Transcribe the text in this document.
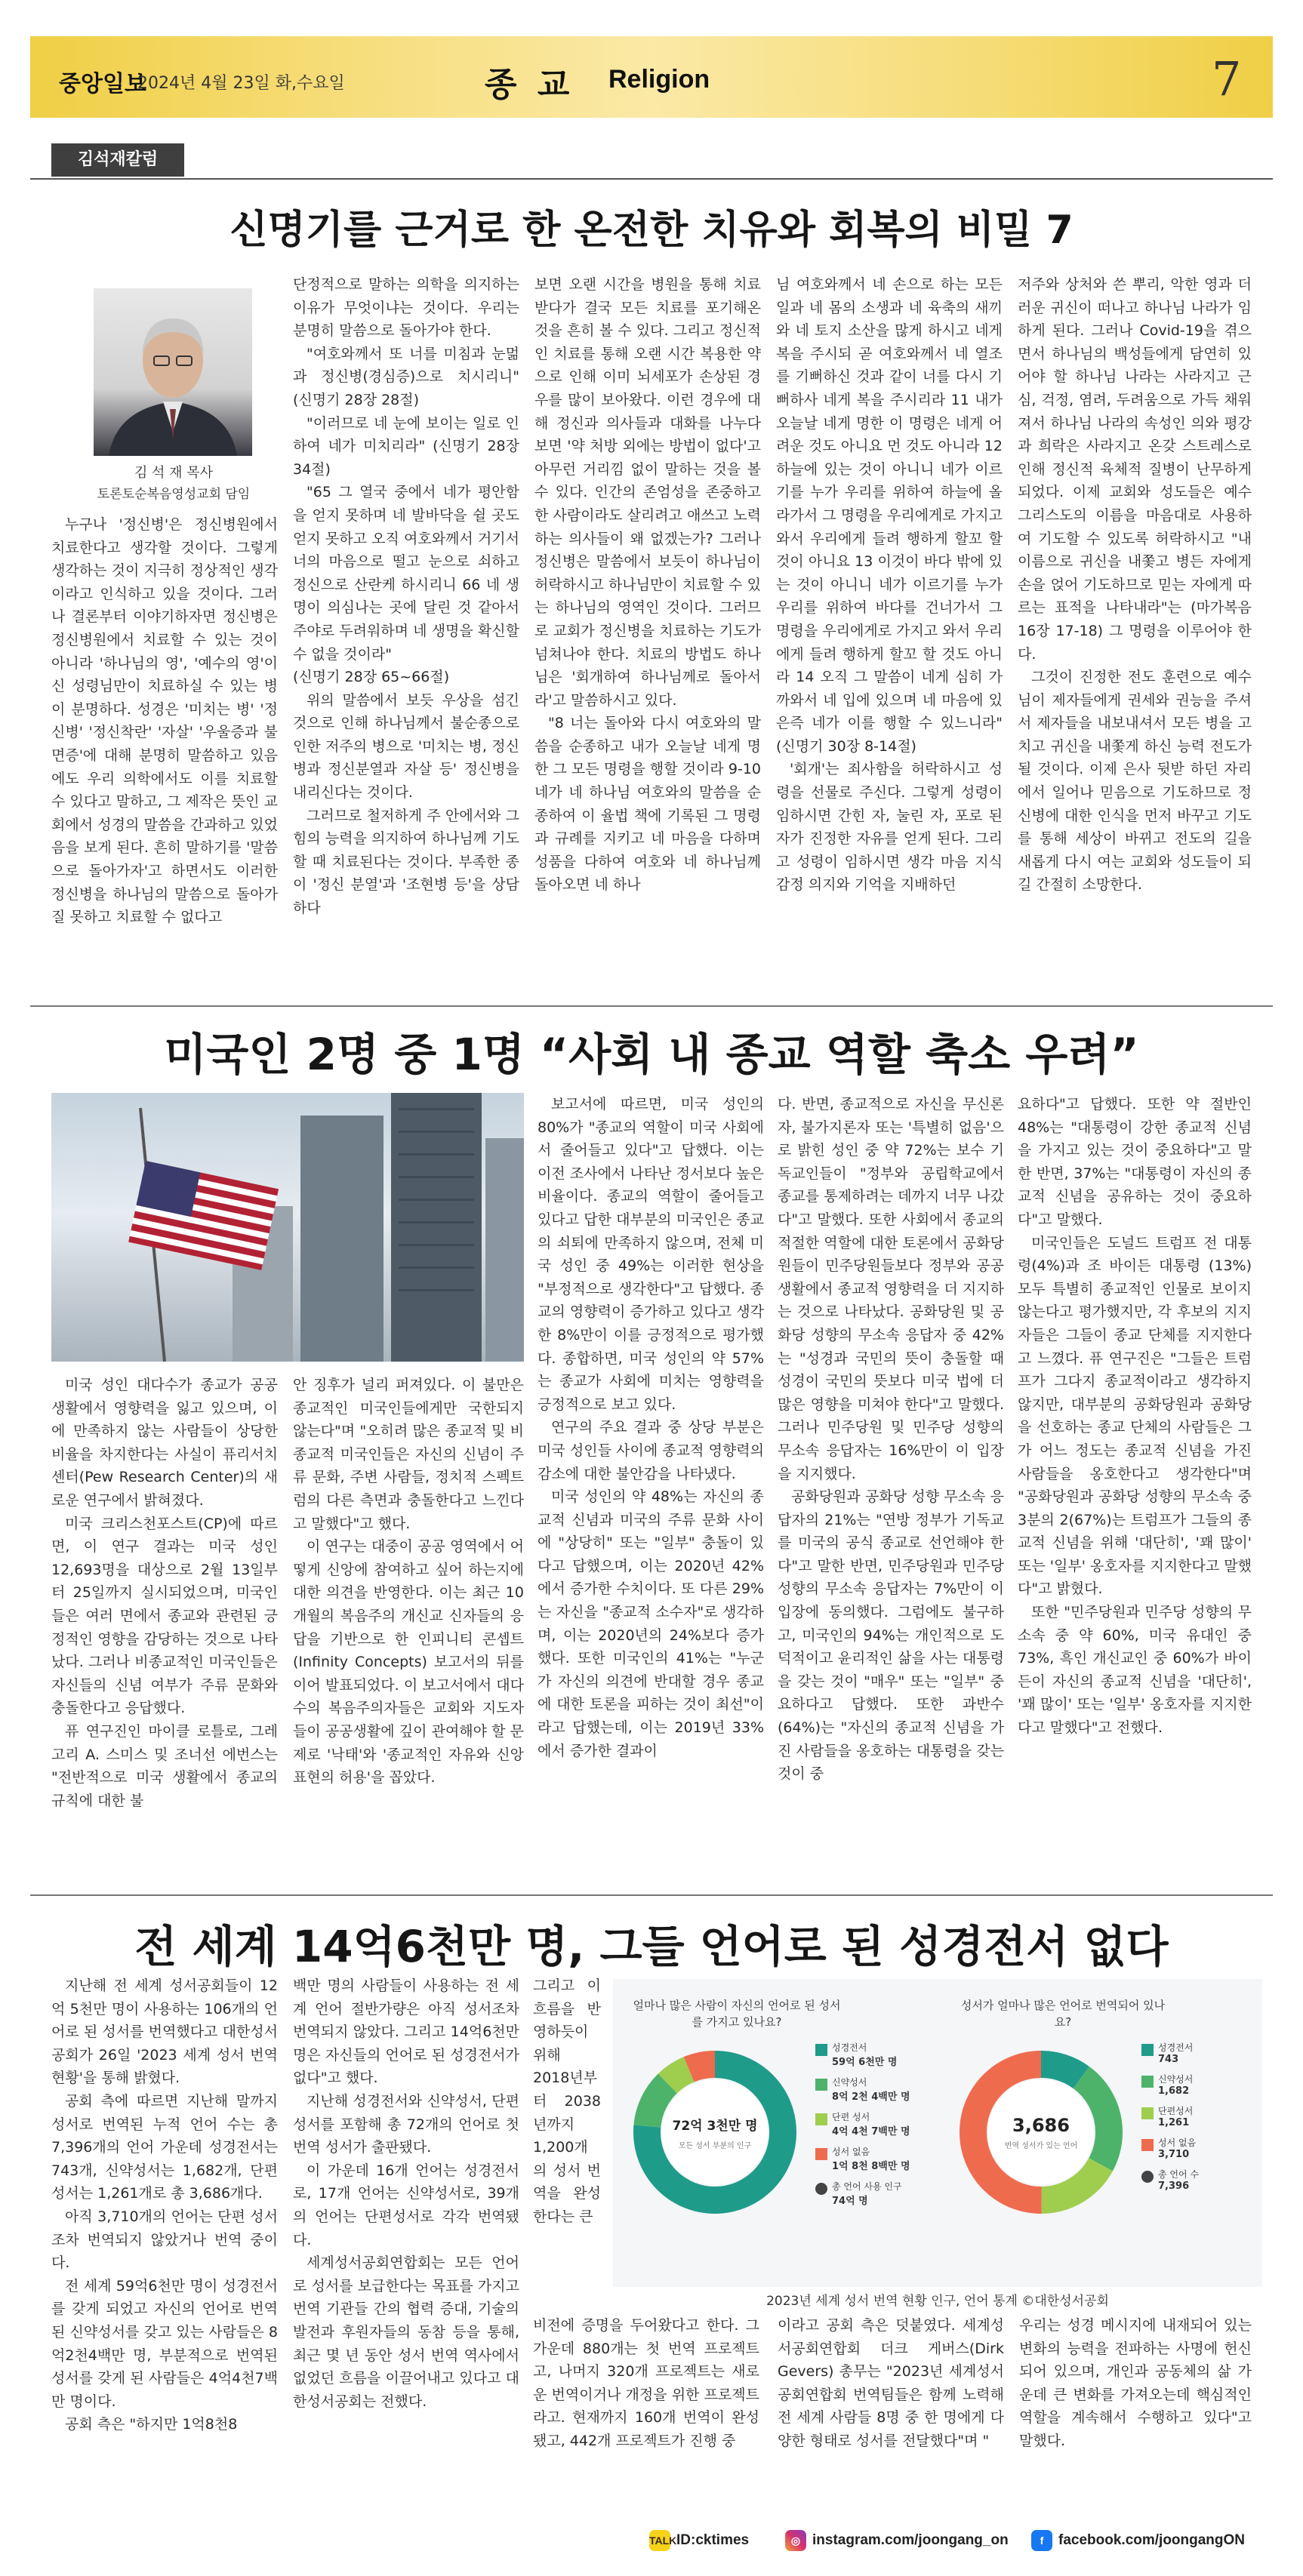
중앙일보
2024년 4월 23일 화,수요일	종 교 Religion	7
김석재칼럼
신명기를 근거로 한 온전한 치유와 회복의 비밀 7
김 석 재 목사
토론토순복음영성교회 담임

누구나 '정신병'은 정신병원에서 치료한다고 생각할 것이다. 그렇게 생각하는 것이 지극히 정상적인 생각이라고 인식하고 있을 것이다. 그러나 결론부터 이야기하자면 정신병은 정신병원에서 치료할 수 있는 것이 아니라 '하나님의 영', '예수의 영'이신 성령님만이 치료하실 수 있는 병이 분명하다. 성경은 '미치는 병' '정신병' '정신착란' '자살' '우울증과 불면증'에 대해 분명히 말씀하고 있음에도 우리 의학에서도 이를 치료할 수 있다고 말하고, 그 제작은 뜻인 교회에서 성경의 말씀을 간과하고 있었음을 보게 된다. 흔히 말하기를 '말씀으로 돌아가자'고 하면서도 이러한 정신병을 하나님의 말씀으로 돌아가 질 못하고 치료할 수 없다고

단정적으로 말하는 의학을 의지하는 이유가 무엇이냐는 것이다. 우리는 분명히 말씀으로 돌아가야 한다.

"여호와께서 또 너를 미침과 눈멂과 정신병(경심증)으로 치시리니" (신명기 28장 28절)

"이러므로 네 눈에 보이는 일로 인하여 네가 미치리라" (신명기 28장 34절)

"65 그 열국 중에서 네가 평안함을 얻지 못하며 네 발바닥을 쉴 곳도 얻지 못하고 오직 여호와께서 거기서 너의 마음으로 떨고 눈으로 쇠하고 정신으로 산란케 하시리니 66 네 생명이 의심나는 곳에 달린 것 같아서 주야로 두려워하며 네 생명을 확신할 수 없을 것이라"

(신명기 28장 65~66절)

위의 말씀에서 보듯 우상을 섬긴 것으로 인해 하나님께서 불순종으로 인한 저주의 병으로 '미치는 병, 정신병과 정신분열과 자살 등' 정신병을 내리신다는 것이다.

그러므로 철저하게 주 안에서와 그 힘의 능력을 의지하여 하나님께 기도할 때 치료된다는 것이다. 부족한 종이 '정신 분열'과 '조현병 등'을 상담하다

보면 오랜 시간을 병원을 통해 치료받다가 결국 모든 치료를 포기해온 것을 흔히 볼 수 있다. 그리고 정신적인 치료를 통해 오랜 시간 복용한 약으로 인해 이미 뇌세포가 손상된 경우를 많이 보아왔다. 이런 경우에 대해 정신과 의사들과 대화를 나누다 보면 '약 처방 외에는 방법이 없다'고 아무런 거리낌 없이 말하는 것을 볼 수 있다. 인간의 존엄성을 존중하고 한 사람이라도 살리려고 애쓰고 노력하는 의사들이 왜 없겠는가? 그러나 정신병은 말씀에서 보듯이 하나님이 허락하시고 하나님만이 치료할 수 있는 하나님의 영역인 것이다. 그러므로 교회가 정신병을 치료하는 기도가 넘쳐나야 한다. 치료의 방법도 하나님은 '회개하여 하나님께로 돌아서라'고 말씀하시고 있다.

"8 너는 돌아와 다시 여호와의 말씀을 순종하고 내가 오늘날 네게 명한 그 모든 명령을 행할 것이라 9-10 네가 네 하나님 여호와의 말씀을 순종하여 이 율법 책에 기록된 그 명령과 규례를 지키고 네 마음을 다하며 성품을 다하여 여호와 네 하나님께 돌아오면 네 하나

님 여호와께서 네 손으로 하는 모든 일과 네 몸의 소생과 네 육축의 새끼와 네 토지 소산을 많게 하시고 네게 복을 주시되 곧 여호와께서 네 열조를 기뻐하신 것과 같이 너를 다시 기뻐하사 네게 복을 주시리라 11 내가 오늘날 네게 명한 이 명령은 네게 어려운 것도 아니요 먼 것도 아니라 12 하늘에 있는 것이 아니니 네가 이르기를 누가 우리를 위하여 하늘에 올라가서 그 명령을 우리에게로 가지고 와서 우리에게 들려 행하게 할꼬 할 것이 아니요 13 이것이 바다 밖에 있는 것이 아니니 네가 이르기를 누가 우리를 위하여 바다를 건너가서 그 명령을 우리에게로 가지고 와서 우리에게 들려 행하게 할꼬 할 것도 아니라 14 오직 그 말씀이 네게 심히 가까와서 네 입에 있으며 네 마음에 있은즉 네가 이를 행할 수 있느니라" (신명기 30장 8-14절)

'회개'는 죄사함을 허락하시고 성령을 선물로 주신다. 그렇게 성령이 임하시면 간힌 자, 눌린 자, 포로 된 자가 진정한 자유를 얻게 된다. 그리고 성령이 임하시면 생각 마음 지식 감정 의지와 기억을 지배하던

저주와 상처와 쓴 뿌리, 악한 영과 더러운 귀신이 떠나고 하나님 나라가 임하게 된다. 그러나 Covid-19을 겪으면서 하나님의 백성들에게 담연히 있어야 할 하나님 나라는 사라지고 근심, 걱정, 염려, 두려움으로 가득 채워져서 하나님 나라의 속성인 의와 평강과 희락은 사라지고 온갖 스트레스로 인해 정신적 육체적 질병이 난무하게 되었다. 이제 교회와 성도들은 예수 그리스도의 이름을 마음대로 사용하여 기도할 수 있도록 허락하시고 "내 이름으로 귀신을 내쫓고 병든 자에게 손을 얹어 기도하므로 믿는 자에게 따르는 표적을 나타내라"는 (마가복음 16장 17-18) 그 명령을 이루어야 한다.

그것이 진정한 전도 훈련으로 예수님이 제자들에게 권세와 권능을 주셔서 제자들을 내보내셔서 모든 병을 고치고 귀신을 내쫓게 하신 능력 전도가 될 것이다. 이제 은사 뒷받 하던 자리에서 일어나 믿음으로 기도하므로 정신병에 대한 인식을 먼저 바꾸고 기도를 통해 세상이 바뀌고 전도의 길을 새롭게 다시 여는 교회와 성도들이 되길 간절히 소망한다.

미국인 2명 중 1명 “사회 내 종교 역할 축소 우려”

미국 성인 대다수가 종교가 공공 생활에서 영향력을 잃고 있으며, 이에 만족하지 않는 사람들이 상당한 비율을 차지한다는 사실이 퓨리서치센터(Pew Research Center)의 새로운 연구에서 밝혀졌다.

미국 크리스천포스트(CP)에 따르면, 이 연구 결과는 미국 성인 12,693명을 대상으로 2월 13일부터 25일까지 실시되었으며, 미국인들은 여러 면에서 종교와 관련된 긍정적인 영향을 감당하는 것으로 나타났다. 그러나 비종교적인 미국인들은 자신들의 신념 여부가 주류 문화와 충돌한다고 응답했다.

퓨 연구진인 마이클 로틀로, 그레고리 A. 스미스 및 조너선 에번스는 "전반적으로 미국 생활에서 종교의 규칙에 대한 불

안 징후가 널리 퍼져있다. 이 불만은 종교적인 미국인들에게만 국한되지 않는다"며 "오히려 많은 종교적 및 비종교적 미국인들은 자신의 신념이 주류 문화, 주변 사람들, 정치적 스펙트럼의 다른 측면과 충돌한다고 느낀다고 말했다"고 했다.

이 연구는 대중이 공공 영역에서 어떻게 신앙에 참여하고 싶어 하는지에 대한 의견을 반영한다. 이는 최근 10개월의 복음주의 개신교 신자들의 응답을 기반으로 한 인피니티 콘셉트 (Infinity Concepts) 보고서의 뒤를 이어 발표되었다. 이 보고서에서 대다수의 복음주의자들은 교회와 지도자들이 공공생활에 깊이 관여해야 할 문제로 '낙태'와 '종교적인 자유와 신앙 표현의 허용'을 꼽았다.

보고서에 따르면, 미국 성인의 80%가 "종교의 역할이 미국 사회에서 줄어들고 있다"고 답했다. 이는 이전 조사에서 나타난 정서보다 높은 비율이다. 종교의 역할이 줄어들고 있다고 답한 대부분의 미국인은 종교의 쇠퇴에 만족하지 않으며, 전체 미국 성인 중 49%는 이러한 현상을 "부정적으로 생각한다"고 답했다. 종교의 영향력이 증가하고 있다고 생각한 8%만이 이를 긍정적으로 평가했다. 종합하면, 미국 성인의 약 57%는 종교가 사회에 미치는 영향력을 긍정적으로 보고 있다.

연구의 주요 결과 중 상당 부분은 미국 성인들 사이에 종교적 영향력의 감소에 대한 불안감을 나타냈다.

미국 성인의 약 48%는 자신의 종교적 신념과 미국의 주류 문화 사이에 "상당히" 또는 "일부" 충돌이 있다고 답했으며, 이는 2020년 42%에서 증가한 수치이다. 또 다른 29%는 자신을 "종교적 소수자"로 생각하며, 이는 2020년의 24%보다 증가했다. 또한 미국인의 41%는 "누군가 자신의 의견에 반대할 경우 종교에 대한 토론을 피하는 것이 최선"이라고 답했는데, 이는 2019년 33%에서 증가한 결과이

다. 반면, 종교적으로 자신을 무신론자, 불가지론자 또는 '특별히 없음'으로 밝힌 성인 중 약 72%는 보수 기독교인들이 "정부와 공립학교에서 종교를 통제하려는 데까지 너무 나갔다"고 말했다. 또한 사회에서 종교의 적절한 역할에 대한 토론에서 공화당원들이 민주당원들보다 정부와 공공생활에서 종교적 영향력을 더 지지하는 것으로 나타났다. 공화당원 및 공화당 성향의 무소속 응답자 중 42%는 "성경과 국민의 뜻이 충돌할 때 성경이 국민의 뜻보다 미국 법에 더 많은 영향을 미쳐야 한다"고 말했다. 그러나 민주당원 및 민주당 성향의 무소속 응답자는 16%만이 이 입장을 지지했다.

공화당원과 공화당 성향 무소속 응답자의 21%는 "연방 정부가 기독교를 미국의 공식 종교로 선언해야 한다"고 말한 반면, 민주당원과 민주당 성향의 무소속 응답자는 7%만이 이 입장에 동의했다. 그럼에도 불구하고, 미국인의 94%는 개인적으로 도덕적이고 윤리적인 삶을 사는 대통령을 갖는 것이 "매우" 또는 "일부" 중요하다고 답했다. 또한 과반수(64%)는 "자신의 종교적 신념을 가진 사람들을 옹호하는 대통령을 갖는 것이 중

요하다"고 답했다. 또한 약 절반인 48%는 "대통령이 강한 종교적 신념을 가지고 있는 것이 중요하다"고 말한 반면, 37%는 "대통령이 자신의 종교적 신념을 공유하는 것이 중요하다"고 말했다.

미국인들은 도널드 트럼프 전 대통령(4%)과 조 바이든 대통령 (13%) 모두 특별히 종교적인 인물로 보이지 않는다고 평가했지만, 각 후보의 지지자들은 그들이 종교 단체를 지지한다고 느꼈다. 퓨 연구진은 "그들은 트럼프가 그다지 종교적이라고 생각하지 않지만, 대부분의 공화당원과 공화당을 선호하는 종교 단체의 사람들은 그가 어느 정도는 종교적 신념을 가진 사람들을 옹호한다고 생각한다"며 "공화당원과 공화당 성향의 무소속 중 3분의 2(67%)는 트럼프가 그들의 종교적 신념을 위해 '대단히', '꽤 많이' 또는 '일부' 옹호자를 지지한다고 말했다"고 밝혔다.

또한 "민주당원과 민주당 성향의 무소속 중 약 60%, 미국 유대인 중 73%, 흑인 개신교인 중 60%가 바이든이 자신의 종교적 신념을 '대단히', '꽤 많이' 또는 '일부' 옹호자를 지지한다고 말했다"고 전했다.

전 세계 14억6천만 명, 그들 언어로 된 성경전서 없다

지난해 전 세계 성서공회들이 12억 5천만 명이 사용하는 106개의 언어로 된 성서를 번역했다고 대한성서공회가 26일 '2023 세계 성서 번역 현황'을 통해 밝혔다.

공회 측에 따르면 지난해 말까지 성서로 번역된 누적 언어 수는 총 7,396개의 언어 가운데 성경전서는 743개, 신약성서는 1,682개, 단편성서는 1,261개로 총 3,686개다.

아직 3,710개의 언어는 단편 성서조차 번역되지 않았거나 번역 중이다.

전 세계 59억6천만 명이 성경전서를 갖게 되었고 자신의 언어로 번역된 신약성서를 갖고 있는 사람들은 8억2천4백만 명, 부분적으로 번역된 성서를 갖게 된 사람들은 4억4천7백만 명이다.

공회 측은 "하지만 1억8천8

백만 명의 사람들이 사용하는 전 세계 언어 절반가량은 아직 성서조차 번역되지 않았다. 그리고 14억6천만 명은 자신들의 언어로 된 성경전서가 없다"고 했다.

지난해 성경전서와 신약성서, 단편성서를 포함해 총 72개의 언어로 첫 번역 성서가 출판됐다.

이 가운데 16개 언어는 성경전서로, 17개 언어는 신약성서로, 39개의 언어는 단편성서로 각각 번역됐다.

세계성서공회연합회는 모든 언어로 성서를 보급한다는 목표를 가지고 번역 기관들 간의 협력 증대, 기술의 발전과 후원자들의 동참 등을 통해, 최근 몇 년 동안 성서 번역 역사에서 없었던 흐름을 이끌어내고 있다고 대한성서공회는 전했다.

그리고 이 흐름을 반영하듯이 위해 2018년부터 2038년까지 1,200개의 성서 번역을 완성한다는 큰

얼마나 많은 사람이 자신의 언어로 된 성서를 가지고 있나요?
72억 3천만 명
모든 성서 부분의 인구
성경전서
59억 6천만 명
신약성서
8억 2천 4백만 명
단편 성서
4억 4천 7백만 명
성서 없음
1억 8천 8백만 명
총 언어 사용 인구
74억 명
성서가 얼마나 많은 언어로 번역되어 있나요?
3,686
번역 성서가 있는 언어
성경전서
743
신약성서
1,682
단편성서
1,261
성서 없음
3,710
총 언어 수
7,396
2023년 세계 성서 번역 현황 인구, 언어 통계 ©대한성서공회

비전에 증명을 두어왔다고 한다. 그 가운데 880개는 첫 번역 프로젝트고, 나머지 320개 프로젝트는 새로운 번역이거나 개정을 위한 프로젝트라고. 현재까지 160개 번역이 완성됐고, 442개 프로젝트가 진행 중

이라고 공회 측은 덧붙였다. 세계성서공회연합회 더크 게버스(Dirk Gevers) 총무는 "2023년 세계성서공회연합회 번역팀들은 함께 노력해 전 세계 사람들 8명 중 한 명에게 다양한 형태로 성서를 전달했다"며 "

우리는 성경 메시지에 내재되어 있는 변화의 능력을 전파하는 사명에 헌신되어 있으며, 개인과 공동체의 삶 가운데 큰 변화를 가져오는데 핵심적인 역할을 계속해서 수행하고 있다"고 말했다.

TALK ID:cktimes	◎ instagram.com/joongang_on	f	facebook.com/joongangON
